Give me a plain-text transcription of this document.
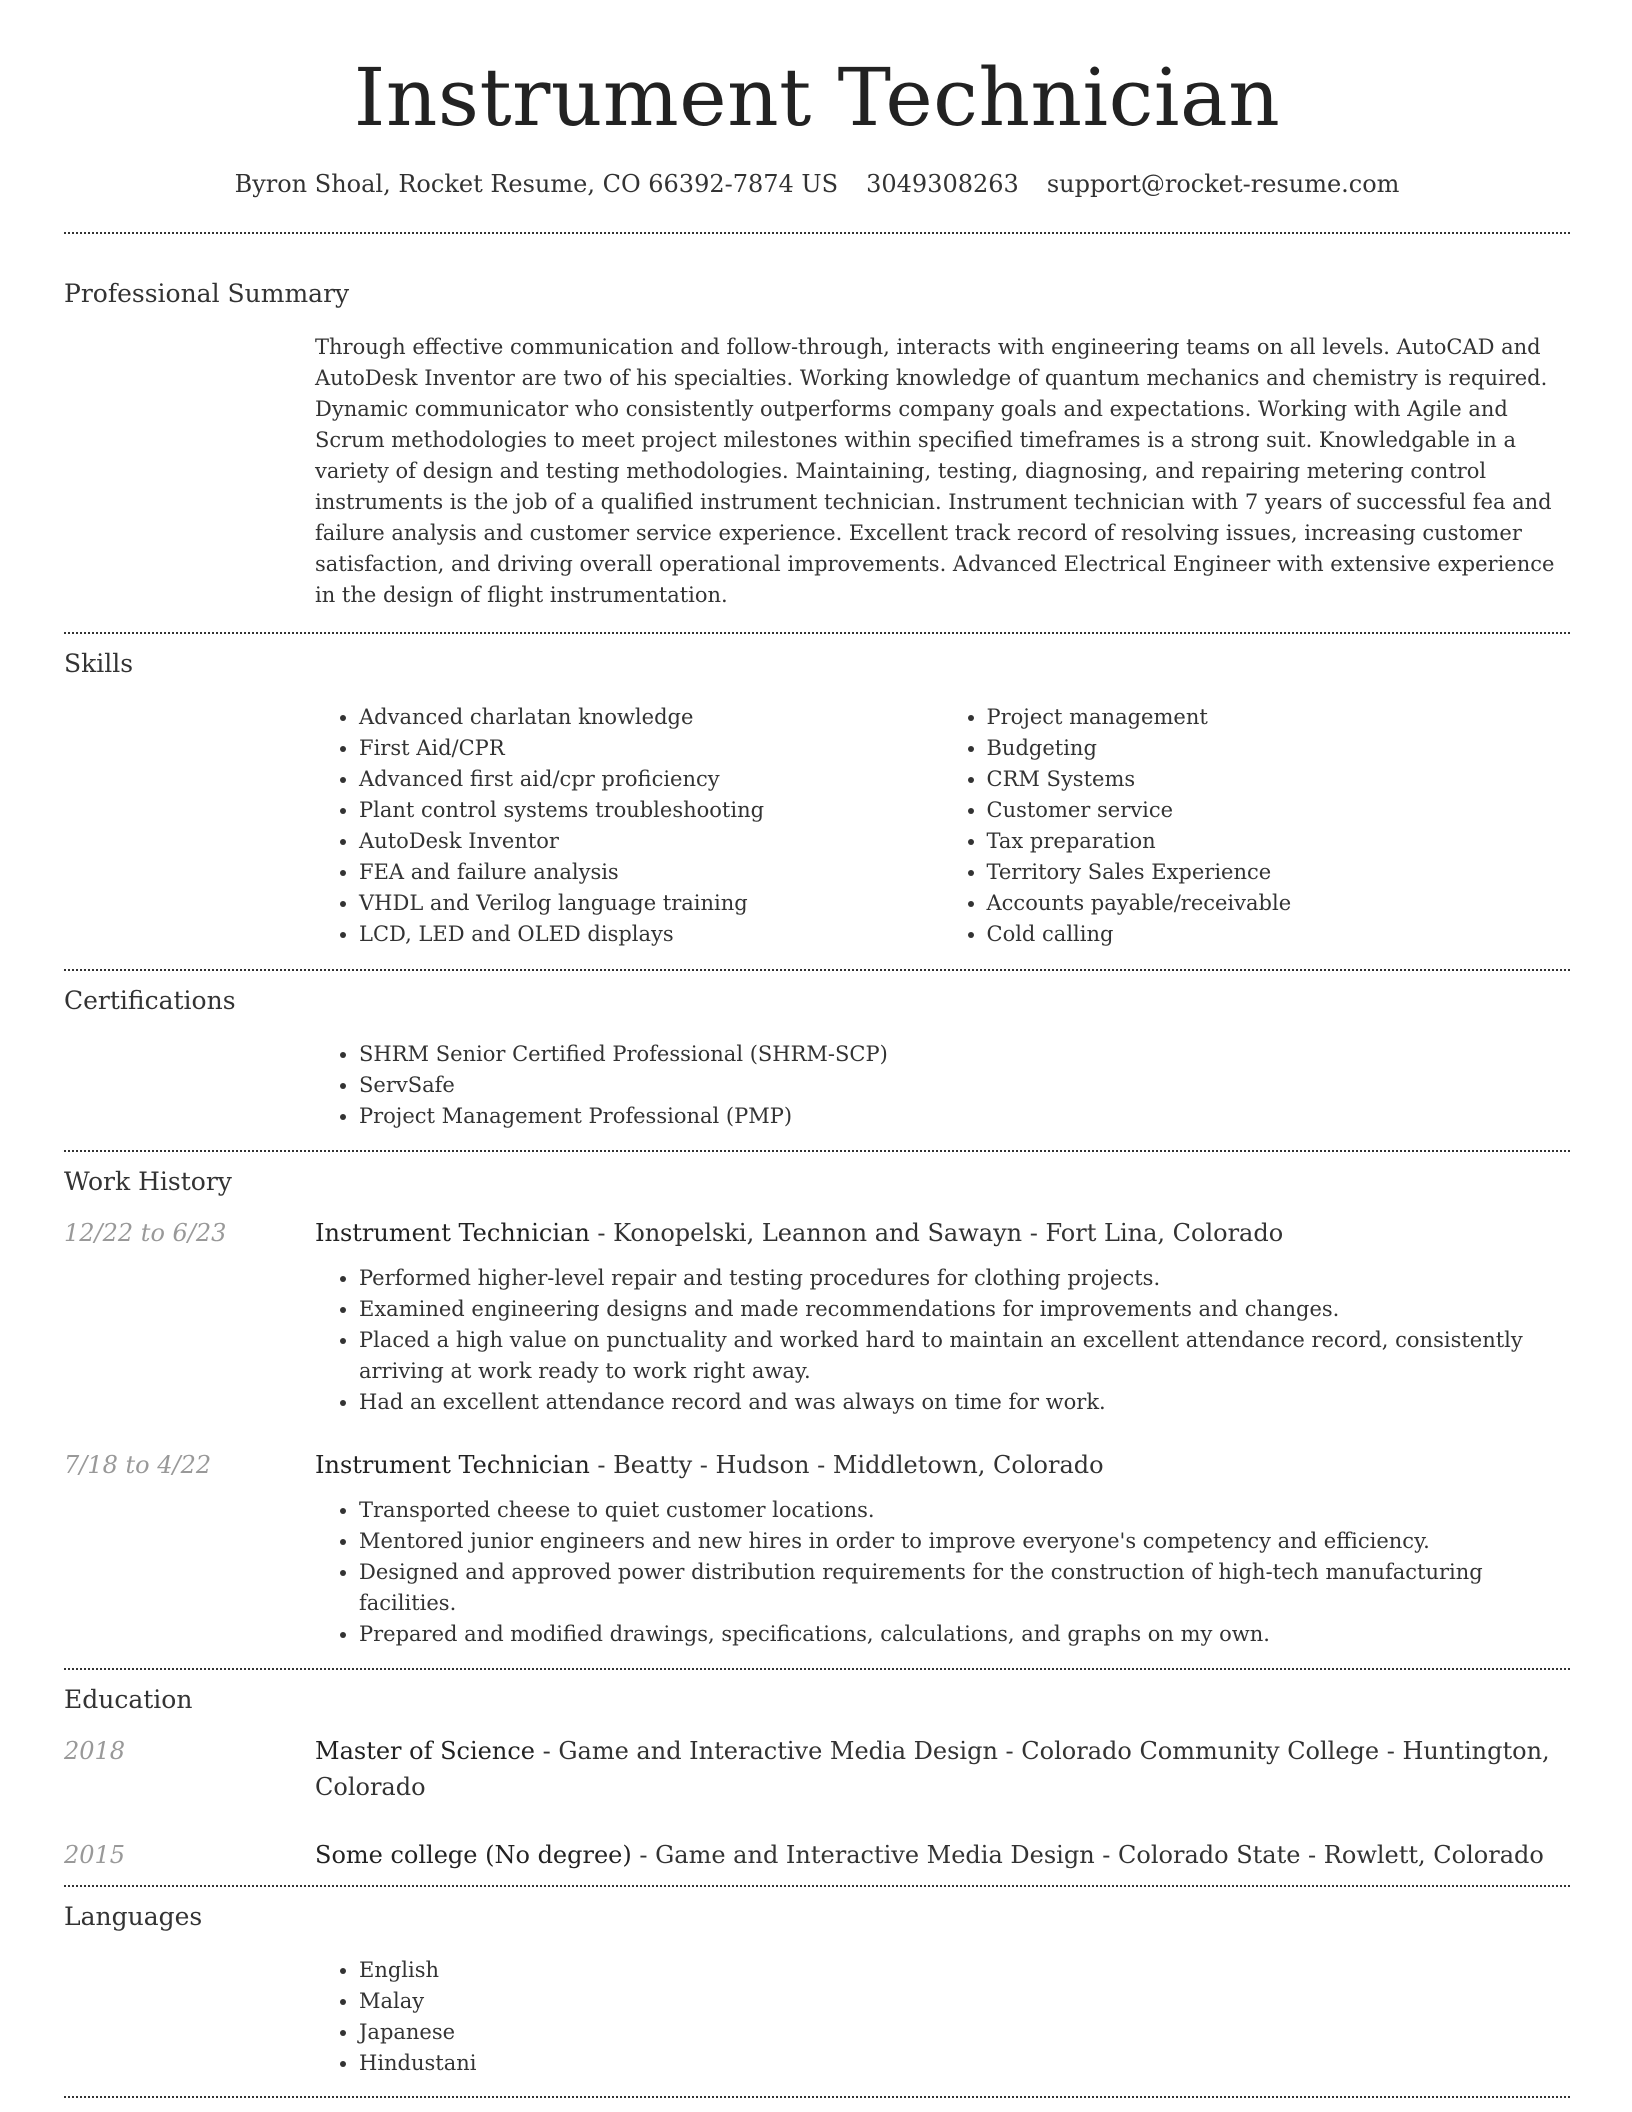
Instrument Technician
Byron Shoal, Rocket Resume, CO 66392-7874 US 3049308263 support@rocket-resume.com
Professional Summary
Through effective communication and follow-through, interacts with engineering teams on all levels. AutoCAD and AutoDesk Inventor are two of his specialties. Working knowledge of quantum mechanics and chemistry is required. Dynamic communicator who consistently outperforms company goals and expectations. Working with Agile and Scrum methodologies to meet project milestones within specified timeframes is a strong suit. Knowledgable in a variety of design and testing methodologies. Maintaining, testing, diagnosing, and repairing metering control instruments is the job of a qualified instrument technician. Instrument technician with 7 years of successful fea and failure analysis and customer service experience. Excellent track record of resolving issues, increasing customer satisfaction, and driving overall operational improvements. Advanced Electrical Engineer with extensive experience in the design of flight instrumentation.
Skills
• Advanced charlatan knowledge
• First Aid/CPR
• Advanced first aid/cpr proficiency
• Plant control systems troubleshooting
• AutoDesk Inventor
• FEA and failure analysis
• VHDL and Verilog language training
• LCD, LED and OLED displays
• Project management
• Budgeting
• CRM Systems
• Customer service
• Tax preparation
• Territory Sales Experience
• Accounts payable/receivable
• Cold calling
Certifications
• SHRM Senior Certified Professional (SHRM-SCP)
• ServSafe
• Project Management Professional (PMP)
Work History
12/22 to 6/23	Instrument Technician - Konopelski, Leannon and Sawayn - Fort Lina, Colorado
• Performed higher-level repair and testing procedures for clothing projects.
• Examined engineering designs and made recommendations for improvements and changes.
• Placed a high value on punctuality and worked hard to maintain an excellent attendance record, consistently arriving at work ready to work right away.
• Had an excellent attendance record and was always on time for work.
7/18 to 4/22	Instrument Technician - Beatty - Hudson - Middletown, Colorado
• Transported cheese to quiet customer locations.
• Mentored junior engineers and new hires in order to improve everyone's competency and efficiency.
• Designed and approved power distribution requirements for the construction of high-tech manufacturing facilities.
• Prepared and modified drawings, specifications, calculations, and graphs on my own.
Education
2018	Master of Science - Game and Interactive Media Design - Colorado Community College - Huntington, Colorado
2015	Some college (No degree) - Game and Interactive Media Design - Colorado State - Rowlett, Colorado
Languages
• English
• Malay
• Japanese
• Hindustani
